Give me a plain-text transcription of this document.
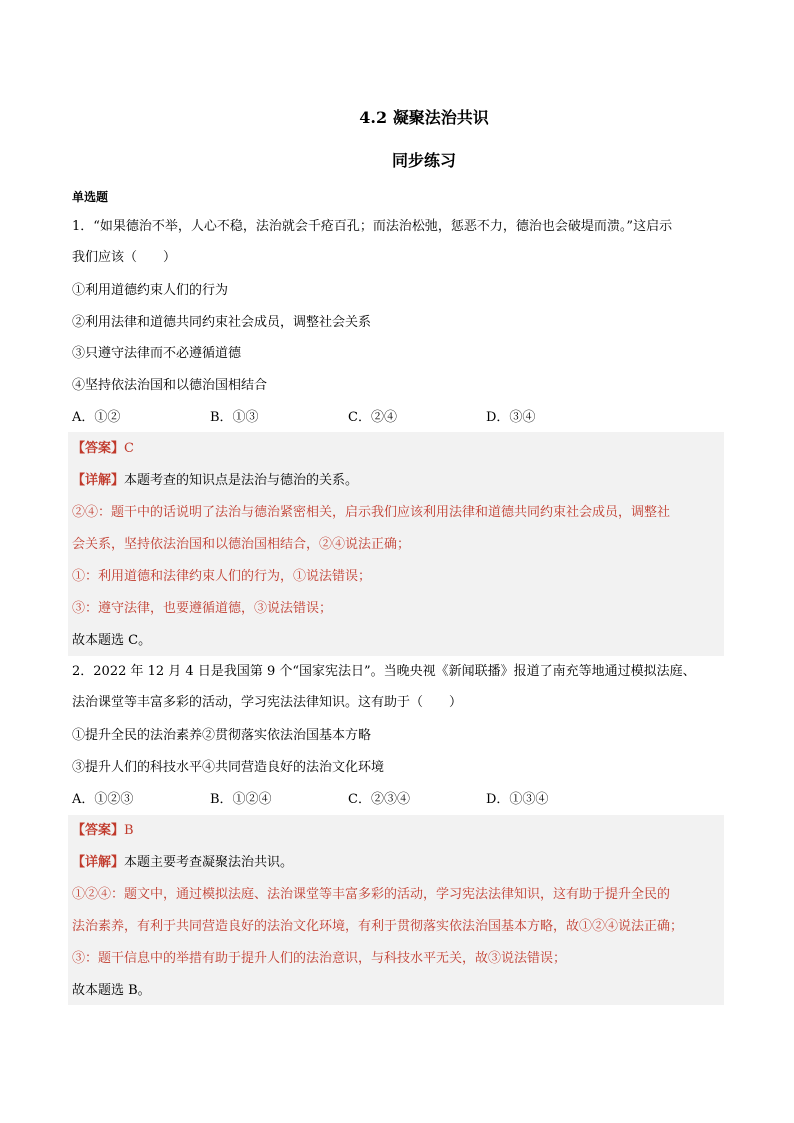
4.2 凝聚法治共识
同步练习
单选题
1．“如果德治不举，人心不稳，法治就会千疮百孔；而法治松弛，惩恶不力，德治也会破堤而溃。”这启示
我们应该（　　）
①利用道德约束人们的行为
②利用法律和道德共同约束社会成员，调整社会关系
③只遵守法律而不必遵循道德
④坚持依法治国和以德治国相结合
A．①②	B．①③	C．②④	D．③④
【答案】C
【详解】本题考查的知识点是法治与德治的关系。
②④：题干中的话说明了法治与德治紧密相关，启示我们应该利用法律和道德共同约束社会成员，调整社
会关系，坚持依法治国和以德治国相结合，②④说法正确；
①：利用道德和法律约束人们的行为，①说法错误；
③：遵守法律，也要遵循道德，③说法错误；
故本题选 C。
2．2022 年 12 月 4 日是我国第 9 个“国家宪法日”。当晚央视《新闻联播》报道了南充等地通过模拟法庭、
法治课堂等丰富多彩的活动，学习宪法法律知识。这有助于（　　）
①提升全民的法治素养②贯彻落实依法治国基本方略
③提升人们的科技水平④共同营造良好的法治文化环境
A．①②③	B．①②④	C．②③④	D．①③④
【答案】B
【详解】本题主要考查凝聚法治共识。
①②④：题文中，通过模拟法庭、法治课堂等丰富多彩的活动，学习宪法法律知识，这有助于提升全民的
法治素养，有利于共同营造良好的法治文化环境，有利于贯彻落实依法治国基本方略，故①②④说法正确；
③：题干信息中的举措有助于提升人们的法治意识，与科技水平无关，故③说法错误；
故本题选 B。
